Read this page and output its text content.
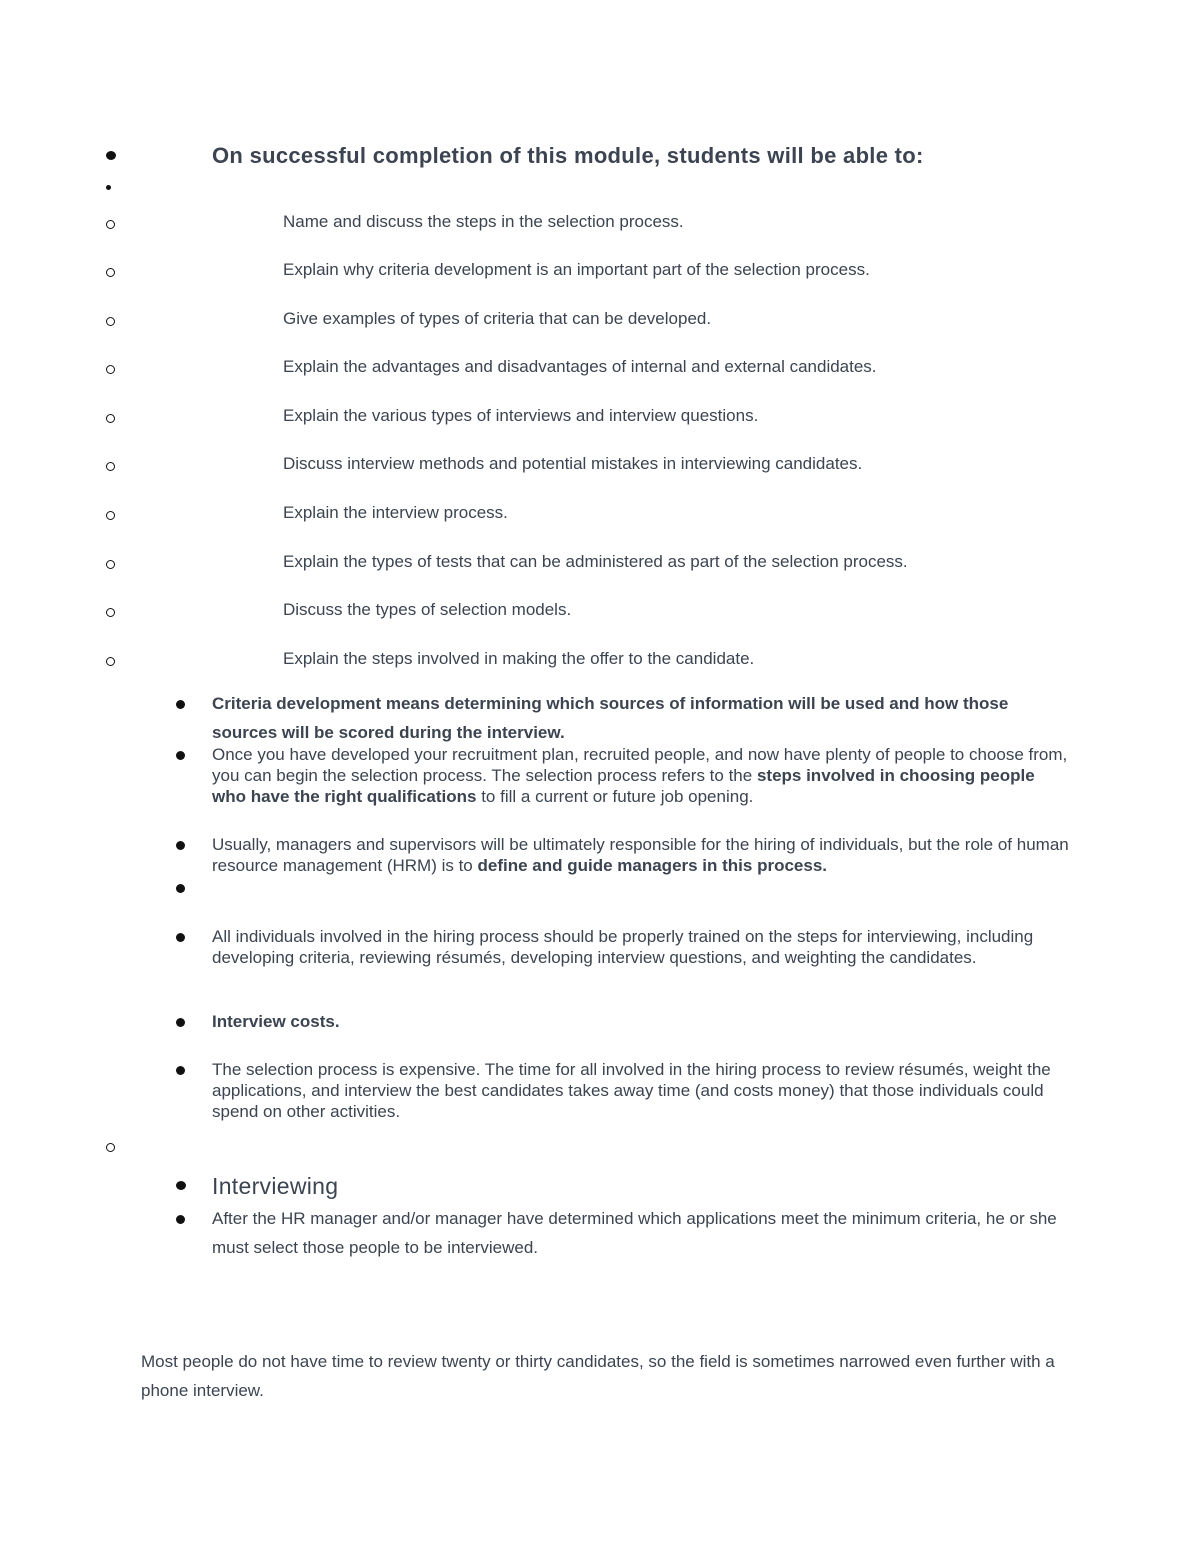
On successful completion of this module, students will be able to:
Name and discuss the steps in the selection process.
Explain why criteria development is an important part of the selection process.
Give examples of types of criteria that can be developed.
Explain the advantages and disadvantages of internal and external candidates.
Explain the various types of interviews and interview questions.
Discuss interview methods and potential mistakes in interviewing candidates.
Explain the interview process.
Explain the types of tests that can be administered as part of the selection process.
Discuss the types of selection models.
Explain the steps involved in making the offer to the candidate.
Criteria development means determining which sources of information will be used and how those sources will be scored during the interview.
Once you have developed your recruitment plan, recruited people, and now have plenty of people to choose from, you can begin the selection process. The selection process refers to the steps involved in choosing people who have the right qualifications to fill a current or future job opening.
Usually, managers and supervisors will be ultimately responsible for the hiring of individuals, but the role of human resource management (HRM) is to define and guide managers in this process.
All individuals involved in the hiring process should be properly trained on the steps for interviewing, including developing criteria, reviewing résumés, developing interview questions, and weighting the candidates.
Interview costs.
The selection process is expensive. The time for all involved in the hiring process to review résumés, weight the applications, and interview the best candidates takes away time (and costs money) that those individuals could spend on other activities.
Interviewing
After the HR manager and/or manager have determined which applications meet the minimum criteria, he or she must select those people to be interviewed.
Most people do not have time to review twenty or thirty candidates, so the field is sometimes narrowed even further with a phone interview.
